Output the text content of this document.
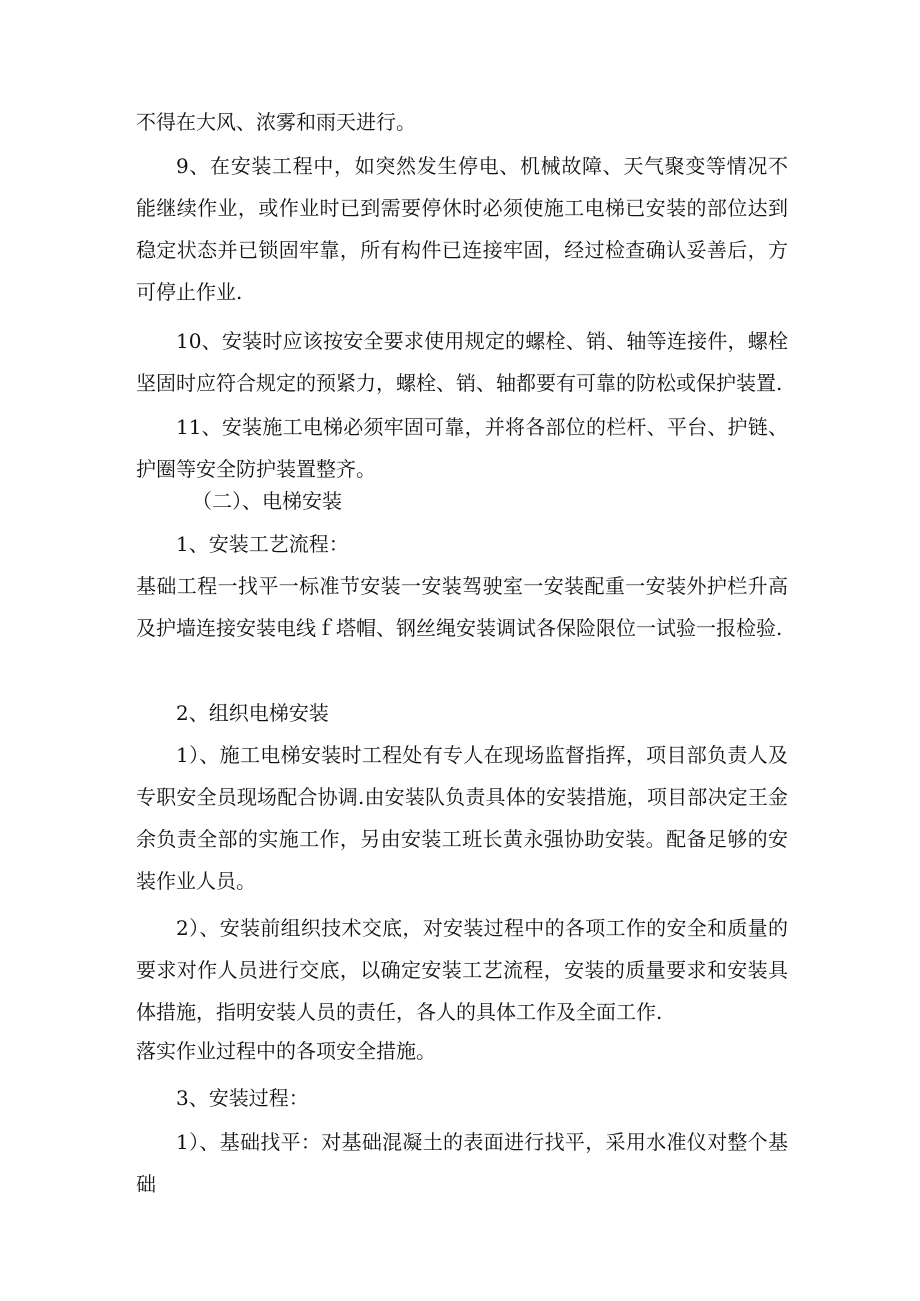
不得在大风、浓雾和雨天进行。

9、在安装工程中，如突然发生停电、机械故障、天气聚变等情况不能继续作业，或作业时已到需要停休时必须使施工电梯已安装的部位达到稳定状态并已锁固牢靠，所有构件已连接牢固，经过检查确认妥善后，方可停止作业.

10、安装时应该按安全要求使用规定的螺栓、销、轴等连接件，螺栓坚固时应符合规定的预紧力，螺栓、销、轴都要有可靠的防松或保护装置.

11、安装施工电梯必须牢固可靠，并将各部位的栏杆、平台、护链、护圈等安全防护装置整齐。

（二）、电梯安装

1、安装工艺流程：

基础工程一找平一标准节安装一安装驾驶室一安装配重一安装外护栏升高及护墙连接安装电线ｆ塔帽、钢丝绳安装调试各保险限位一试验一报检验.

2、组织电梯安装

1）、施工电梯安装时工程处有专人在现场监督指挥，项目部负责人及专职安全员现场配合协调.由安装队负责具体的安装措施，项目部决定王金余负责全部的实施工作，另由安装工班长黄永强协助安装。配备足够的安装作业人员。

2）、安装前组织技术交底，对安装过程中的各项工作的安全和质量的要求对作人员进行交底，以确定安装工艺流程，安装的质量要求和安装具体措施，指明安装人员的责任，各人的具体工作及全面工作.

落实作业过程中的各项安全措施。

3、安装过程：

1）、基础找平：对基础混凝土的表面进行找平，采用水准仪对整个基础
